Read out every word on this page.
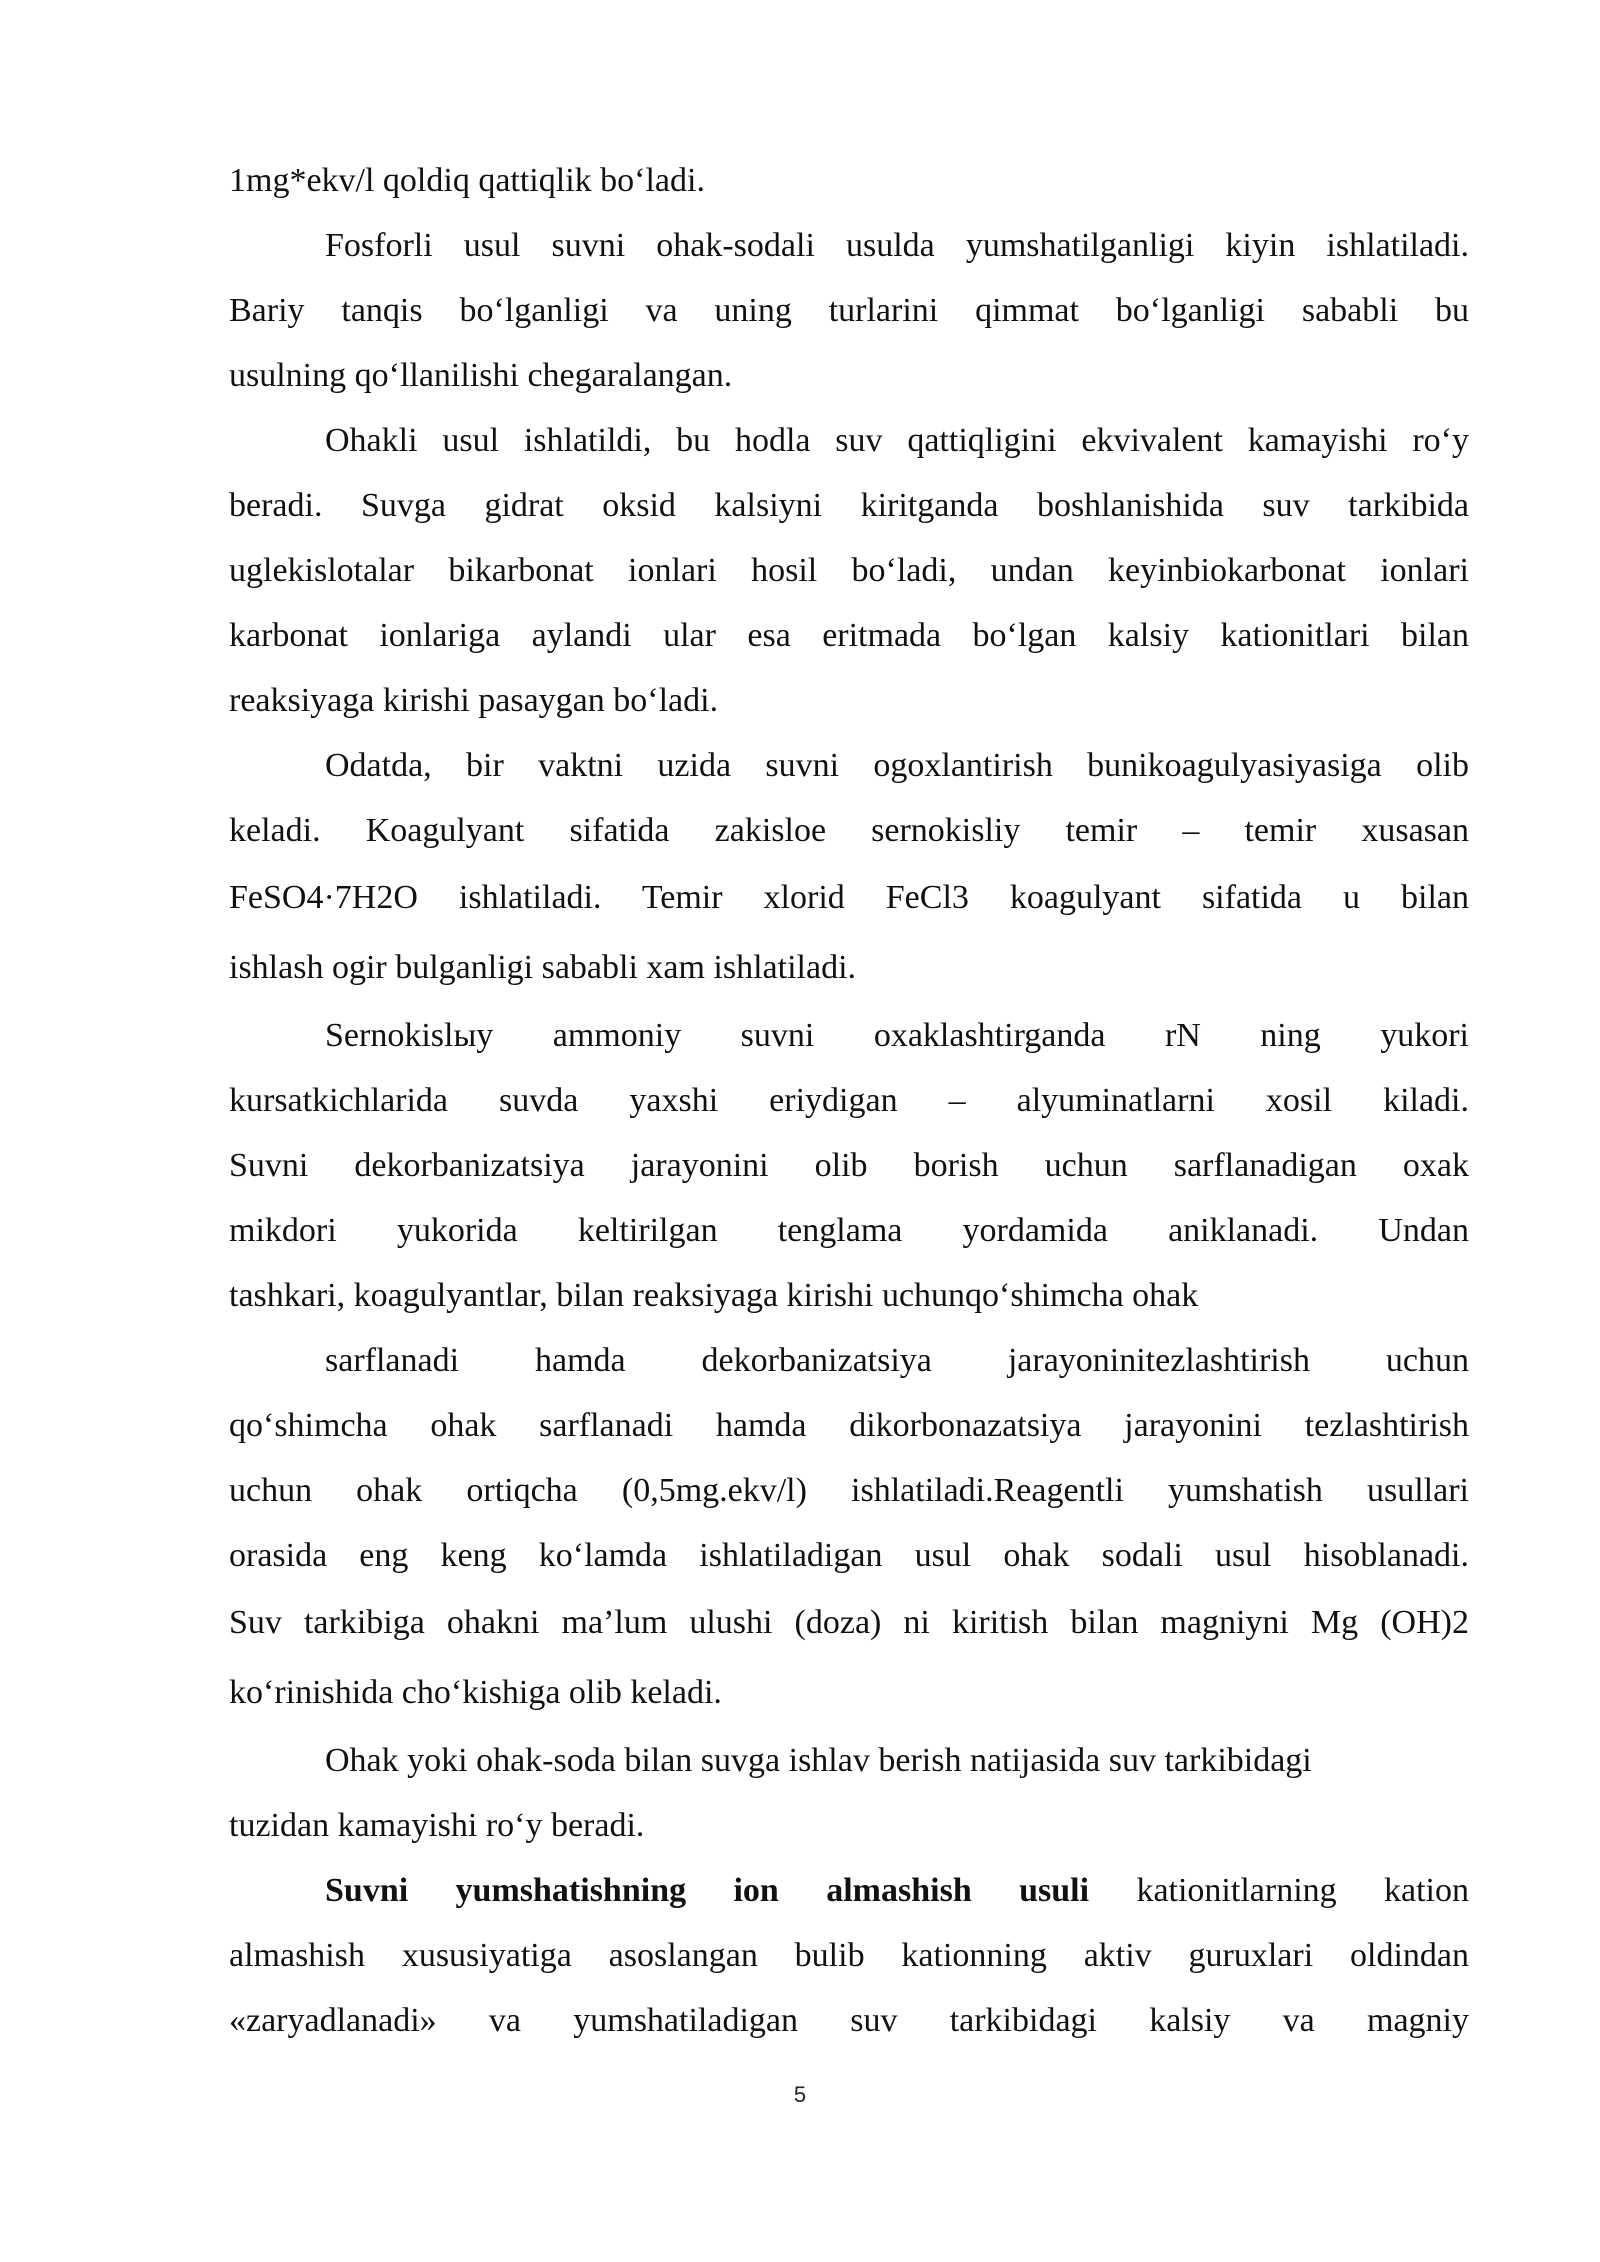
1mg*ekv/l qoldiq qattiqlik bo‘ladi.
Fosforli usul suvni ohak-sodali usulda yumshatilganligi kiyin ishlatiladi.
Bariy tanqis bo‘lganligi va uning turlarini qimmat bo‘lganligi sababli bu
usulning qo‘llanilishi chegaralangan.
Ohakli usul ishlatildi, bu hodla suv qattiqligini ekvivalent kamayishi ro‘y
beradi. Suvga gidrat oksid kalsiyni kiritganda boshlanishida suv tarkibida
uglekislotalar bikarbonat ionlari hosil bo‘ladi, undan keyinbiokarbonat ionlari
karbonat ionlariga aylandi ular esa eritmada bo‘lgan kalsiy kationitlari bilan
reaksiyaga kirishi pasaygan bo‘ladi.
Odatda, bir vaktni uzida suvni ogoxlantirish bunikoagulyasiyasiga olib
keladi. Koagulyant sifatida zakisloe sernokisliy temir – temir xusasan
FeSO4·7H2O ishlatiladi. Temir xlorid FeCl3 koagulyant sifatida u bilan
ishlash ogir bulganligi sababli xam ishlatiladi.
Sernokislыy ammoniy suvni oxaklashtirganda rN ning yukori
kursatkichlarida suvda yaxshi eriydigan – alyuminatlarni xosil kiladi.
Suvni dekorbanizatsiya jarayonini olib borish uchun sarflanadigan oxak
mikdori yukorida keltirilgan tenglama yordamida aniklanadi. Undan
tashkari, koagulyantlar, bilan reaksiyaga kirishi uchunqo‘shimcha ohak
sarflanadi hamda dekorbanizatsiya jarayoninitezlashtirish uchun
qo‘shimcha ohak sarflanadi hamda dikorbonazatsiya jarayonini tezlashtirish
uchun ohak ortiqcha (0,5mg.ekv/l) ishlatiladi.Reagentli yumshatish usullari
orasida eng keng ko‘lamda ishlatiladigan usul ohak sodali usul hisoblanadi.
Suv tarkibiga ohakni ma’lum ulushi (doza) ni kiritish bilan magniyni Mg (OH)2
ko‘rinishida cho‘kishiga olib keladi.
Ohak yoki ohak-soda bilan suvga ishlav berish natijasida suv tarkibidagi
tuzidan kamayishi ro‘y beradi.
Suvni yumshatishning ion almashish usuli kationitlarning kation
almashish xususiyatiga asoslangan bulib kationning aktiv guruxlari oldindan
«zaryadlanadi» va yumshatiladigan suv tarkibidagi kalsiy va magniy
5
